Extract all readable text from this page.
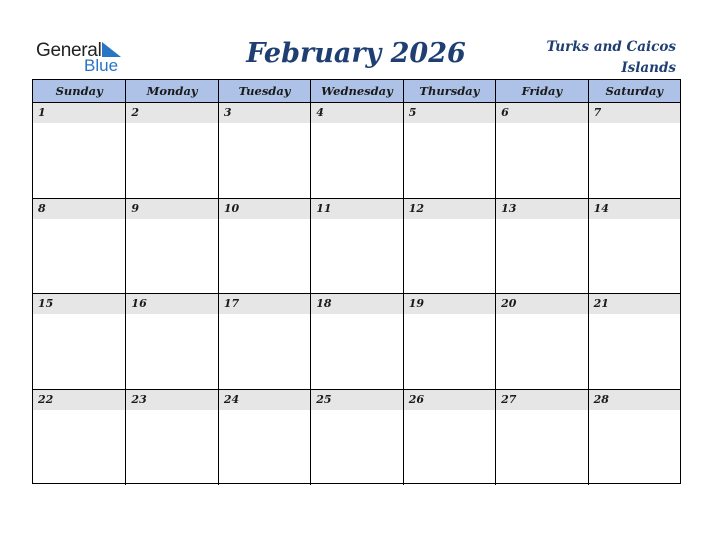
General
Blue	February 2026	Turks and Caicos Islands
Sunday	Monday	Tuesday	Wednesday	Thursday	Friday	Saturday
1	2	3	4	5	6	7
8	9	10	11	12	13	14
15	16	17	18	19	20	21
22	23	24	25	26	27	28
